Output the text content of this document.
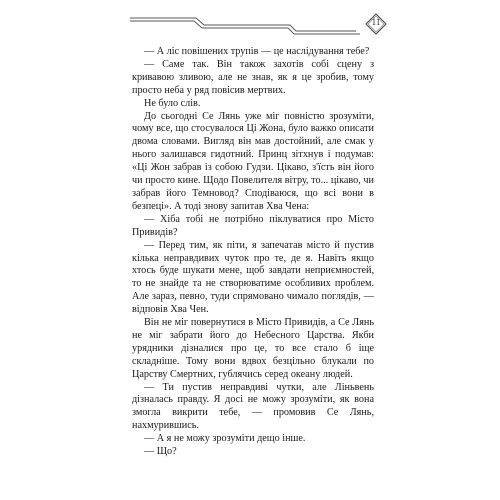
11

— А ліс повішених трупів — це наслідування тебе?

— Саме так. Він також захотів собі сцену з кривавою зливою, але не знав, як я це зробив, тому просто неба у ряд повісив мертвих.

Не було слів.

До сьогодні Се Лянь уже міг повністю зрозуміти, чому все, що стосувалося Ці Жона, було важко описати двома словами. Вигляд він мав достойний, але смак у нього залишався гидотний. Принц зітхнув і подумав: «Ці Жон забрав із собою Гудзи. Цікаво, з'їсть він його чи просто кине. Щодо Повелителя вітру, то... цікаво, чи забрав його Темновод? Сподіваюся, що всі вони в безпеці». А тоді знову запитав Хва Чена:

— Хіба тобі не потрібно піклуватися про Місто Привидів?

— Перед тим, як піти, я запечатав місто й пустив кілька неправдивих чуток про те, де я. Навіть якщо хтось буде шукати мене, щоб завдати неприємностей, то не знайде та не створюватиме особливих проблем. Але зараз, певно, туди спрямовано чимало поглядів, — відповів Хва Чен.

Він не міг повернутися в Місто Привидів, а Се Лянь не міг забрати його до Небесного Царства. Якби урядники дізналися про це, то все стало б іще складніше. Тому вони вдвох безцільно блукали по Царству Смертних, гублячись серед океану людей.

— Ти пустив неправдиві чутки, але Ліньвень дізналась правду. Я досі не можу зрозуміти, як вона змогла викрити тебе, — промовив Се Лянь, нахмурившись.

— А я не можу зрозуміти дещо інше.

— Що?
